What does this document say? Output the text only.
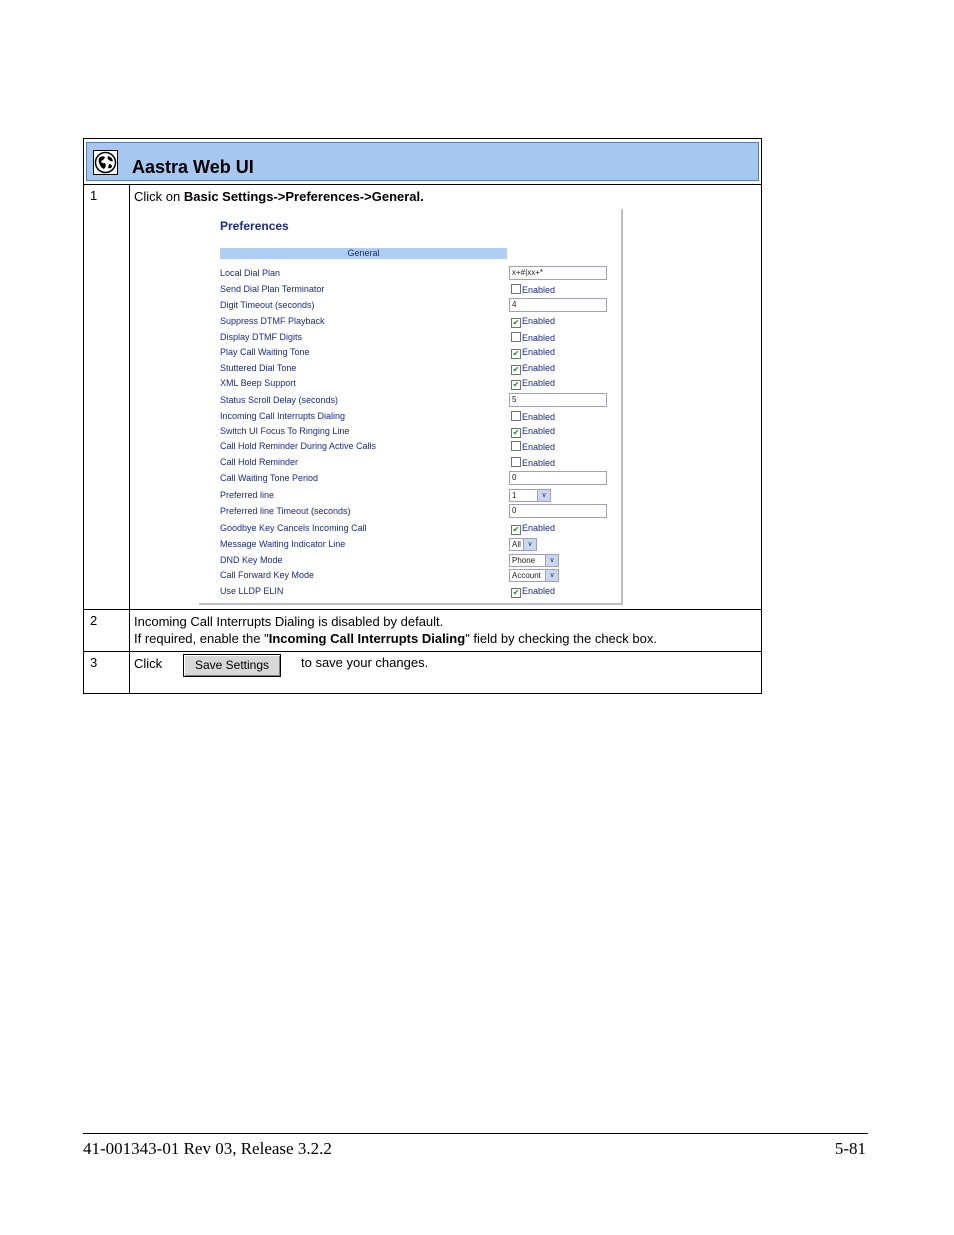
Aastra Web UI
1	Click on Basic Settings->Preferences->General.
Preferences
General
Local Dial Plan	x+#|xx+*
Send Dial Plan Terminator	Enabled
Digit Timeout (seconds)	4
Suppress DTMF Playback	✔ Enabled
Display DTMF Digits	Enabled
Play Call Waiting Tone	✔ Enabled
Stuttered Dial Tone	✔ Enabled
XML Beep Support	✔ Enabled
Status Scroll Delay (seconds)	5
Incoming Call Interrupts Dialing	Enabled
Switch UI Focus To Ringing Line	✔ Enabled
Call Hold Reminder During Active Calls	Enabled
Call Hold Reminder	Enabled
Call Waiting Tone Period	0
Preferred line	1	∨
Preferred line Timeout (seconds)	0
Goodbye Key Cancels Incoming Call	✔ Enabled
Message Waiting Indicator Line	All ∨
DND Key Mode	Phone	∨
Call Forward Key Mode	Account	∨
Use LLDP ELIN	✔ Enabled
2	Incoming Call Interrupts Dialing is disabled by default.
If required, enable the "Incoming Call Interrupts Dialing" field by checking the check box.
3	Click	Save Settings	to save your changes.
41-001343-01 Rev 03, Release 3.2.2	5-81
